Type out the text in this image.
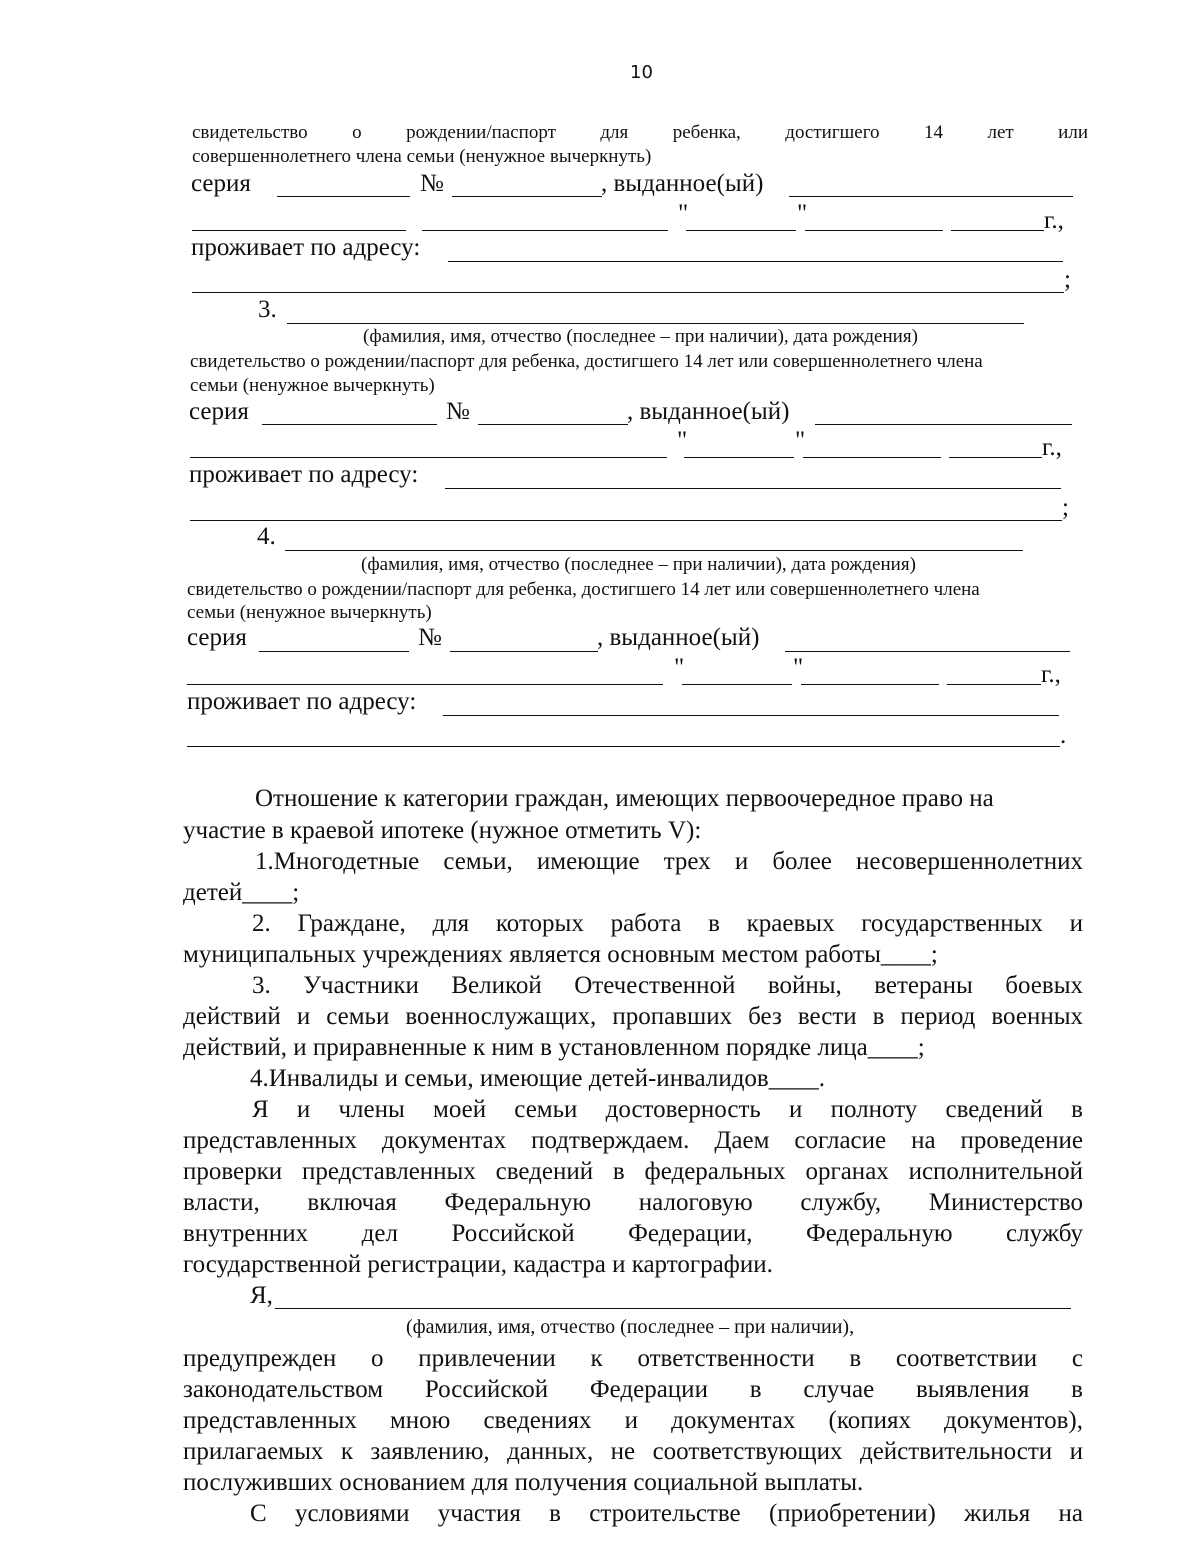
10
свидетельство о рождении/паспорт для ребенка, достигшего 14 лет или
совершеннолетнего члена семьи (ненужное вычеркнуть)
серия	№	, выданное(ый)
"	"	г.,
проживает по адресу:
;
3.
(фамилия, имя, отчество (последнее – при наличии), дата рождения)
свидетельство о рождении/паспорт для ребенка, достигшего 14 лет или совершеннолетнего члена
семьи (ненужное вычеркнуть)
серия	№	, выданное(ый)
"	"	г.,
проживает по адресу:
;
4.
(фамилия, имя, отчество (последнее – при наличии), дата рождения)
свидетельство о рождении/паспорт для ребенка, достигшего 14 лет или совершеннолетнего члена
семьи (ненужное вычеркнуть)
серия	№	, выданное(ый)
"	"	г.,
проживает по адресу:
.
Отношение к категории граждан, имеющих первоочередное право на
участие в краевой ипотеке (нужное отметить V):
1.Многодетные семьи, имеющие трех и более несовершеннолетних
детей____;
2. Граждане, для которых работа в краевых государственных и
муниципальных учреждениях является основным местом работы____;
3. Участники Великой Отечественной войны, ветераны боевых
действий и семьи военнослужащих, пропавших без вести в период военных
действий, и приравненные к ним в установленном порядке лица____;
4.Инвалиды и семьи, имеющие детей-инвалидов____.
Я и члены моей семьи достоверность и полноту сведений в
представленных документах подтверждаем. Даем согласие на проведение
проверки представленных сведений в федеральных органах исполнительной
власти, включая Федеральную налоговую службу, Министерство
внутренних дел Российской Федерации, Федеральную службу
государственной регистрации, кадастра и картографии.
Я,
(фамилия, имя, отчество (последнее – при наличии),
предупрежден о привлечении к ответственности в соответствии с
законодательством Российской Федерации в случае выявления в
представленных мною сведениях и документах (копиях документов),
прилагаемых к заявлению, данных, не соответствующих действительности и
послуживших основанием для получения социальной выплаты.
С условиями участия в строительстве (приобретении) жилья на
